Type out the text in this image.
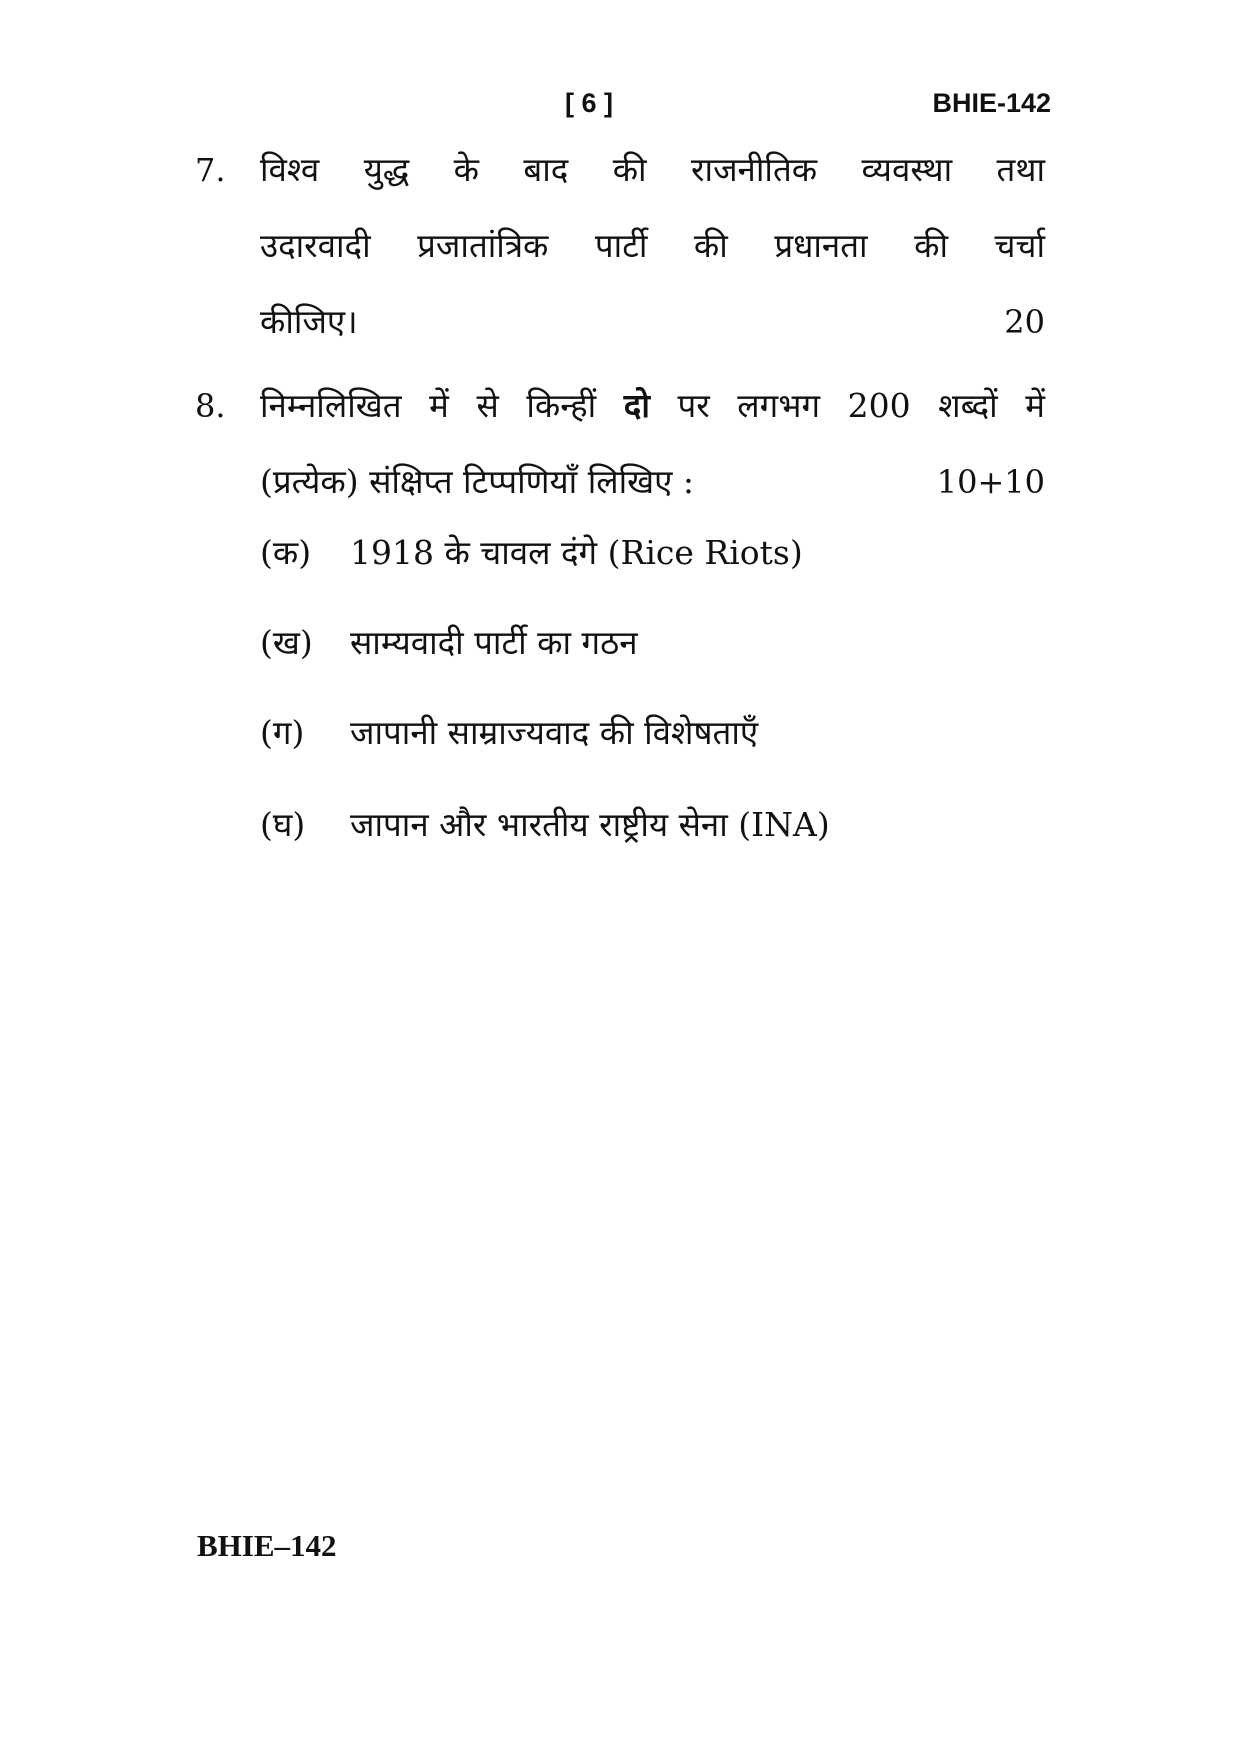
[ 6 ]	BHIE-142
7. विश्व युद्ध के बाद की राजनीतिक व्यवस्था तथा
उदारवादी प्रजातांत्रिक पार्टी की प्रधानता की चर्चा
कीजिए।	20
8. निम्नलिखित में से किन्हीं दो पर लगभग 200 शब्दों में
(प्रत्येक) संक्षिप्त टिप्पणियाँ लिखिए :	10+10
(क)	1918 के चावल दंगे (Rice Riots)
(ख)	साम्यवादी पार्टी का गठन
(ग)	जापानी साम्राज्यवाद की विशेषताएँ
(घ)	जापान और भारतीय राष्ट्रीय सेना (INA)
BHIE–142
